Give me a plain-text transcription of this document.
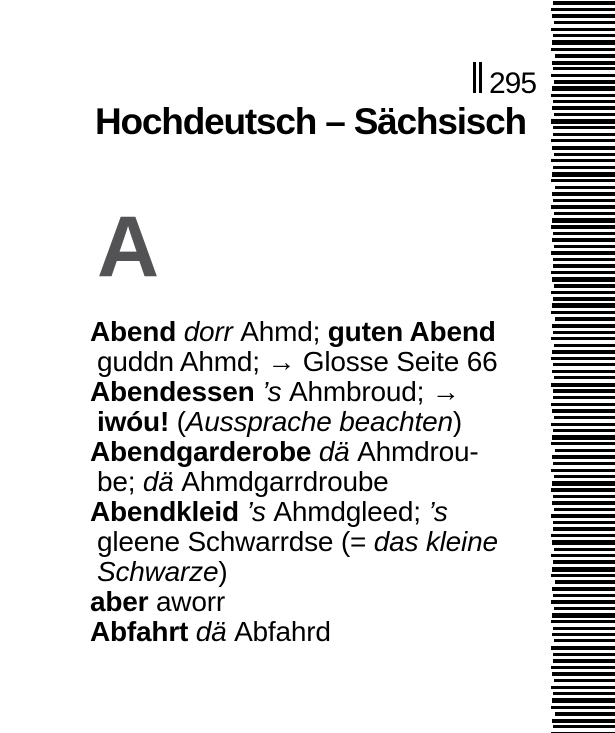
295
Hochdeutsch – Sächsisch
A
Abend dorr Ahmd; guten Abend
guddn Ahmd; → Glosse Seite 66
Abendessen ’s Ahmbroud; →
iwóu! (Aussprache beachten)
Abendgarderobe dä Ahmdrou-
be; dä Ahmdgarrdroube
Abendkleid ’s Ahmdgleed; ’s
gleene Schwarrdse (= das kleine
Schwarze)
aber aworr
Abfahrt dä Abfahrd
